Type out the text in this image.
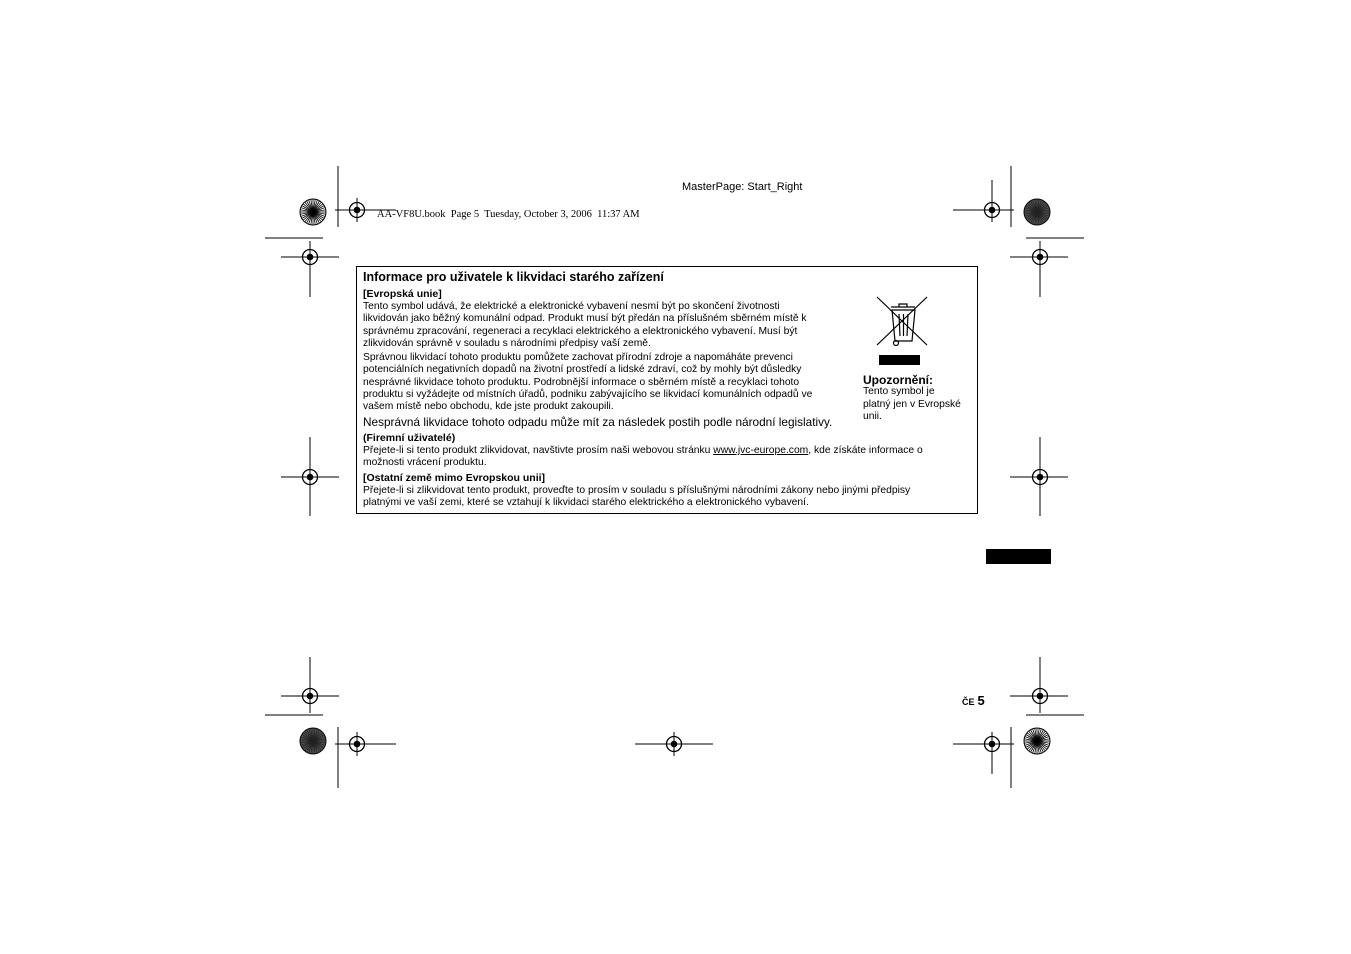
MasterPage: Start_Right
AA-VF8U.book  Page 5  Tuesday, October 3, 2006  11:37 AM
Informace pro uživatele k likvidaci starého zařízení
[Evropská unie]
Tento symbol udává, že elektrické a elektronické vybavení nesmí být po skončení životnosti
likvidován jako běžný komunální odpad. Produkt musí být předán na příslušném sběrném místě k
správnému zpracování, regeneraci a recyklaci elektrického a elektronického vybavení. Musí být
zlikvidován správně v souladu s národními předpisy vaší země.
Správnou likvidací tohoto produktu pomůžete zachovat přírodní zdroje a napomáháte prevenci
potenciálních negativních dopadů na životní prostředí a lidské zdraví, což by mohly být důsledky
nesprávné likvidace tohoto produktu. Podrobnější informace o sběrném místě a recyklaci tohoto
produktu si vyžádejte od místních úřadů, podniku zabývajícího se likvidací komunálních odpadů ve
vašem místě nebo obchodu, kde jste produkt zakoupili.
Nesprávná likvidace tohoto odpadu může mít za následek postih podle národní legislativy.
(Firemní uživatelé)
Přejete-li si tento produkt zlikvidovat, navštivte prosím naši webovou stránku www.jvc-europe.com, kde získáte informace o
možnosti vrácení produktu.
[Ostatní země mimo Evropskou unii]
Přejete-li si zlikvidovat tento produkt, proveďte to prosím v souladu s příslušnými národními zákony nebo jinými předpisy
platnými ve vaší zemi, které se vztahují k likvidaci starého elektrického a elektronického vybavení.
Upozornění:
Tento symbol je
platný jen v Evropské
unii.
ČE 5
